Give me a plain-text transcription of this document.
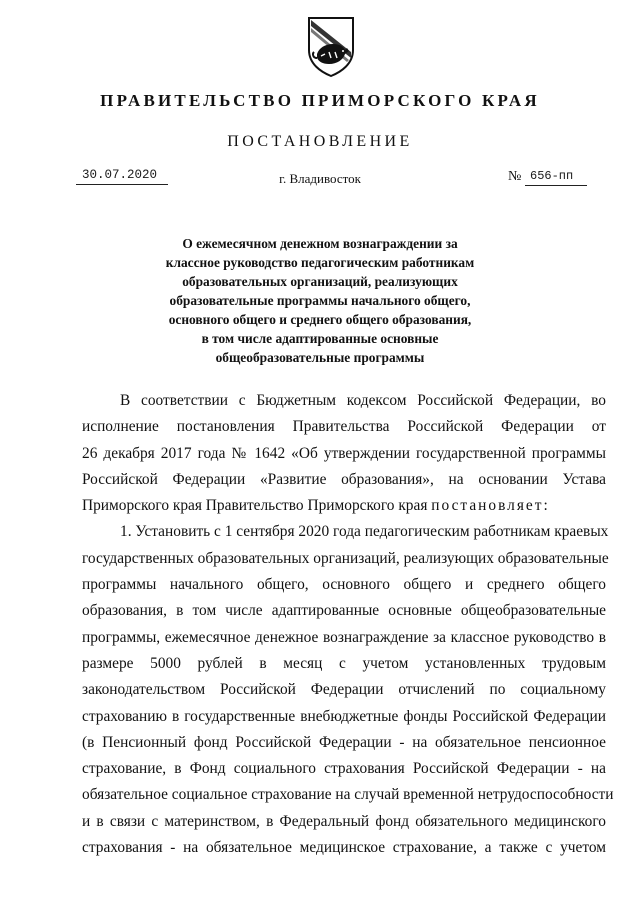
ПРАВИТЕЛЬСТВО ПРИМОРСКОГО КРАЯ
ПОСТАНОВЛЕНИЕ
30.07.2020	г. Владивосток	№ 656-пп
О ежемесячном денежном вознаграждении за
классное руководство педагогическим работникам
образовательных организаций, реализующих
образовательные программы начального общего,
основного общего и среднего общего образования,
в том числе адаптированные основные
общеобразовательные программы
В соответствии с Бюджетным кодексом Российской Федерации, во
исполнение постановления Правительства Российской Федерации от
26 декабря 2017 года № 1642 «Об утверждении государственной программы
Российской Федерации «Развитие образования», на основании Устава
Приморского края Правительство Приморского края постановляет:
1. Установить с 1 сентября 2020 года педагогическим работникам краевых
государственных образовательных организаций, реализующих образовательные
программы начального общего, основного общего и среднего общего
образования, в том числе адаптированные основные общеобразовательные
программы, ежемесячное денежное вознаграждение за классное руководство в
размере 5000 рублей в месяц с учетом установленных трудовым
законодательством Российской Федерации отчислений по социальному
страхованию в государственные внебюджетные фонды Российской Федерации
(в Пенсионный фонд Российской Федерации - на обязательное пенсионное
страхование, в Фонд социального страхования Российской Федерации - на
обязательное социальное страхование на случай временной нетрудоспособности
и в связи с материнством, в Федеральный фонд обязательного медицинского
страхования - на обязательное медицинское страхование, а также с учетом
